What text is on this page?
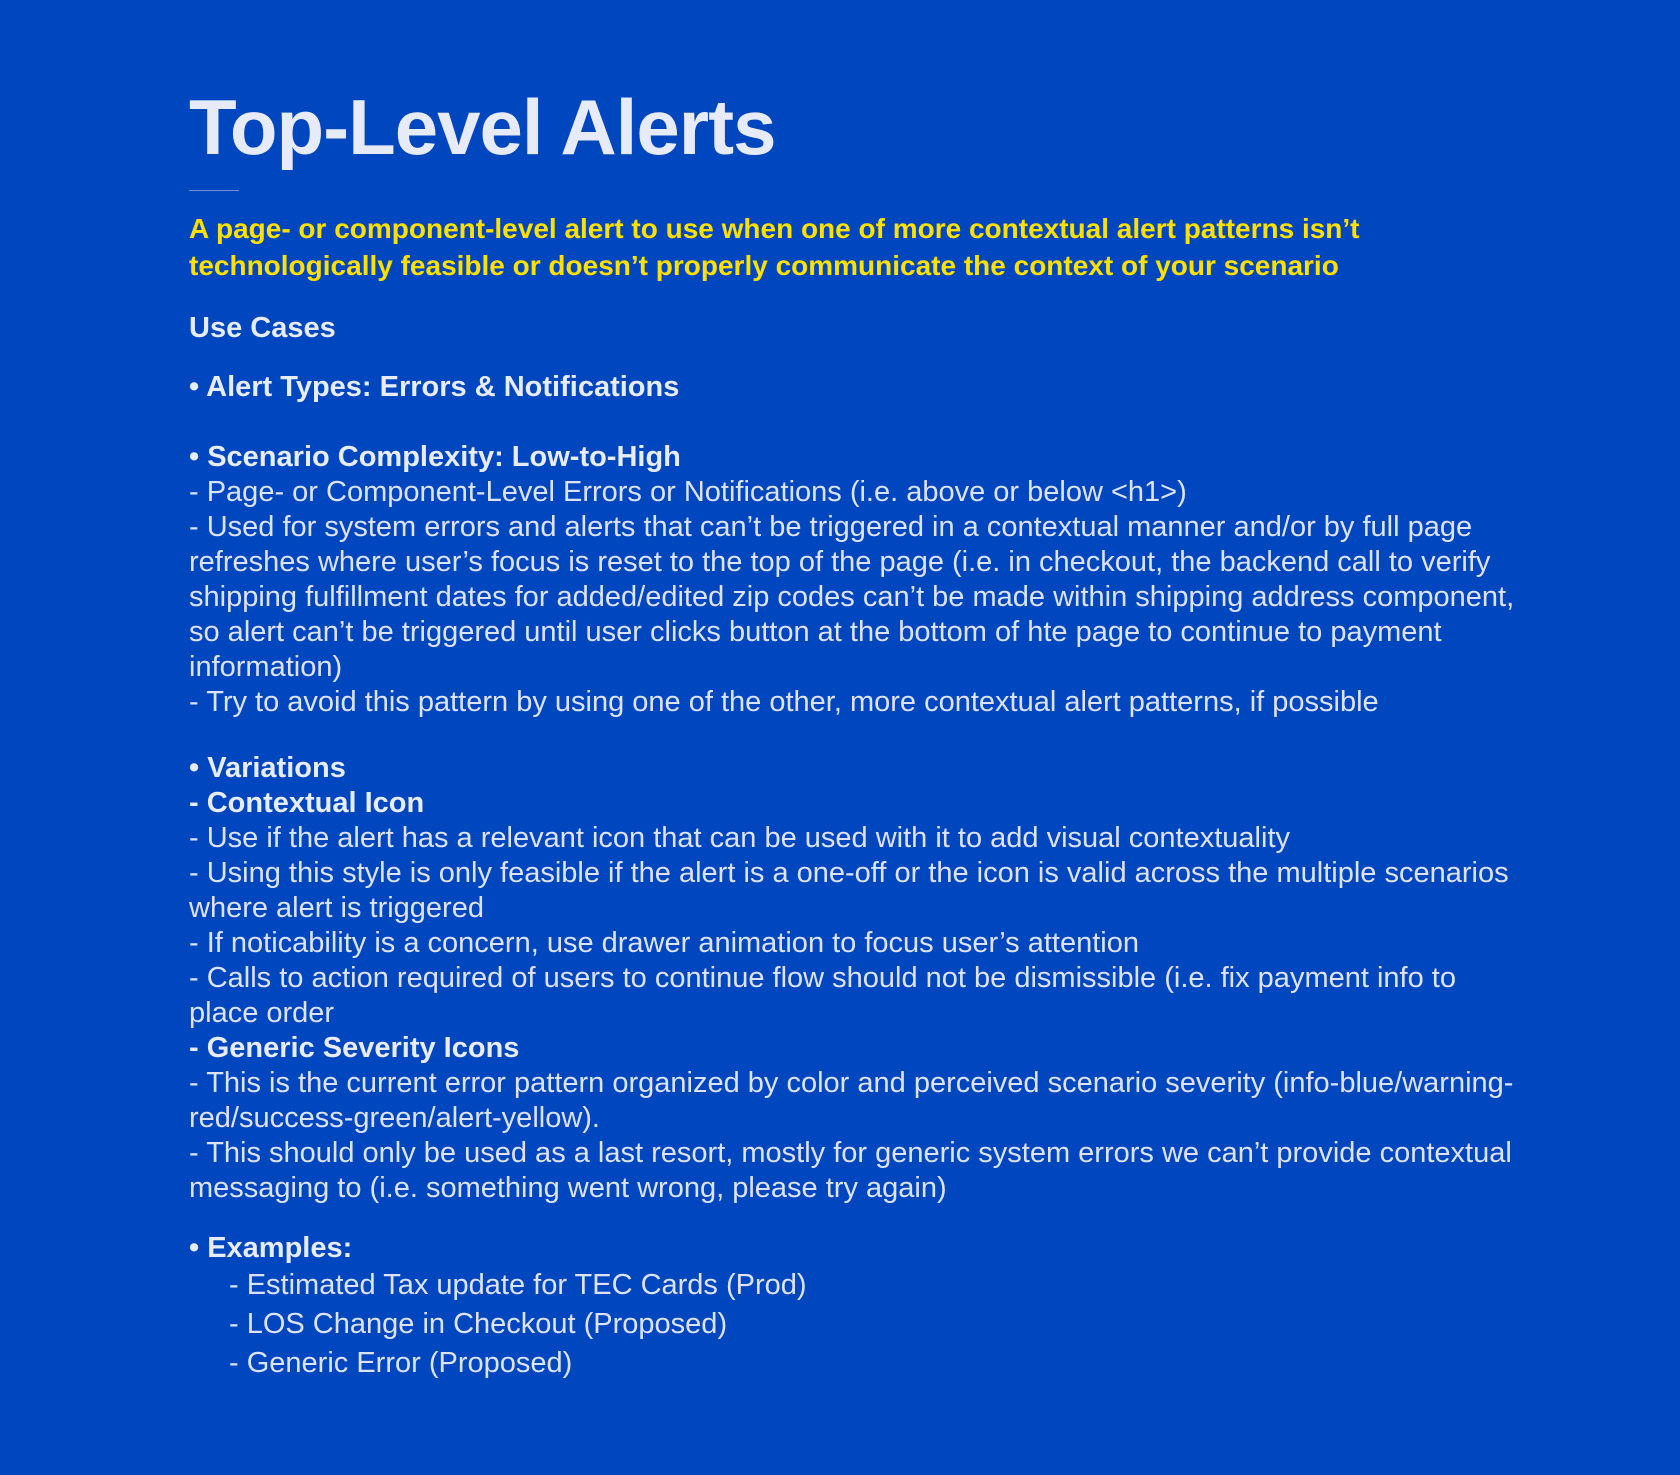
Top-Level Alerts

A page- or component-level alert to use when one of more contextual alert patterns isn’t technologically feasible or doesn’t properly communicate the context of your scenario

Use Cases
• Alert Types: Errors & Notifications
• Scenario Complexity: Low-to-High
- Page- or Component-Level Errors or Notifications (i.e. above or below <h1>)
- Used for system errors and alerts that can’t be triggered in a contextual manner and/or by full page refreshes where user’s focus is reset to the top of the page (i.e. in checkout, the backend call to verify shipping fulfillment dates for added/edited zip codes can’t be made within shipping address component, so alert can’t be triggered until user clicks button at the bottom of hte page to continue to payment information)
- Try to avoid this pattern by using one of the other, more contextual alert patterns, if possible
• Variations
- Contextual Icon
- Use if the alert has a relevant icon that can be used with it to add visual contextuality
- Using this style is only feasible if the alert is a one-off or the icon is valid across the multiple scenarios where alert is triggered
- If noticability is a concern, use drawer animation to focus user’s attention
- Calls to action required of users to continue flow should not be dismissible (i.e. fix payment info to place order
- Generic Severity Icons
- This is the current error pattern organized by color and perceived scenario severity (info-blue/warning-red/success-green/alert-yellow).
- This should only be used as a last resort, mostly for generic system errors we can’t provide contextual messaging to (i.e. something went wrong, please try again)
• Examples:
- Estimated Tax update for TEC Cards (Prod)
- LOS Change in Checkout (Proposed)
- Generic Error (Proposed)
